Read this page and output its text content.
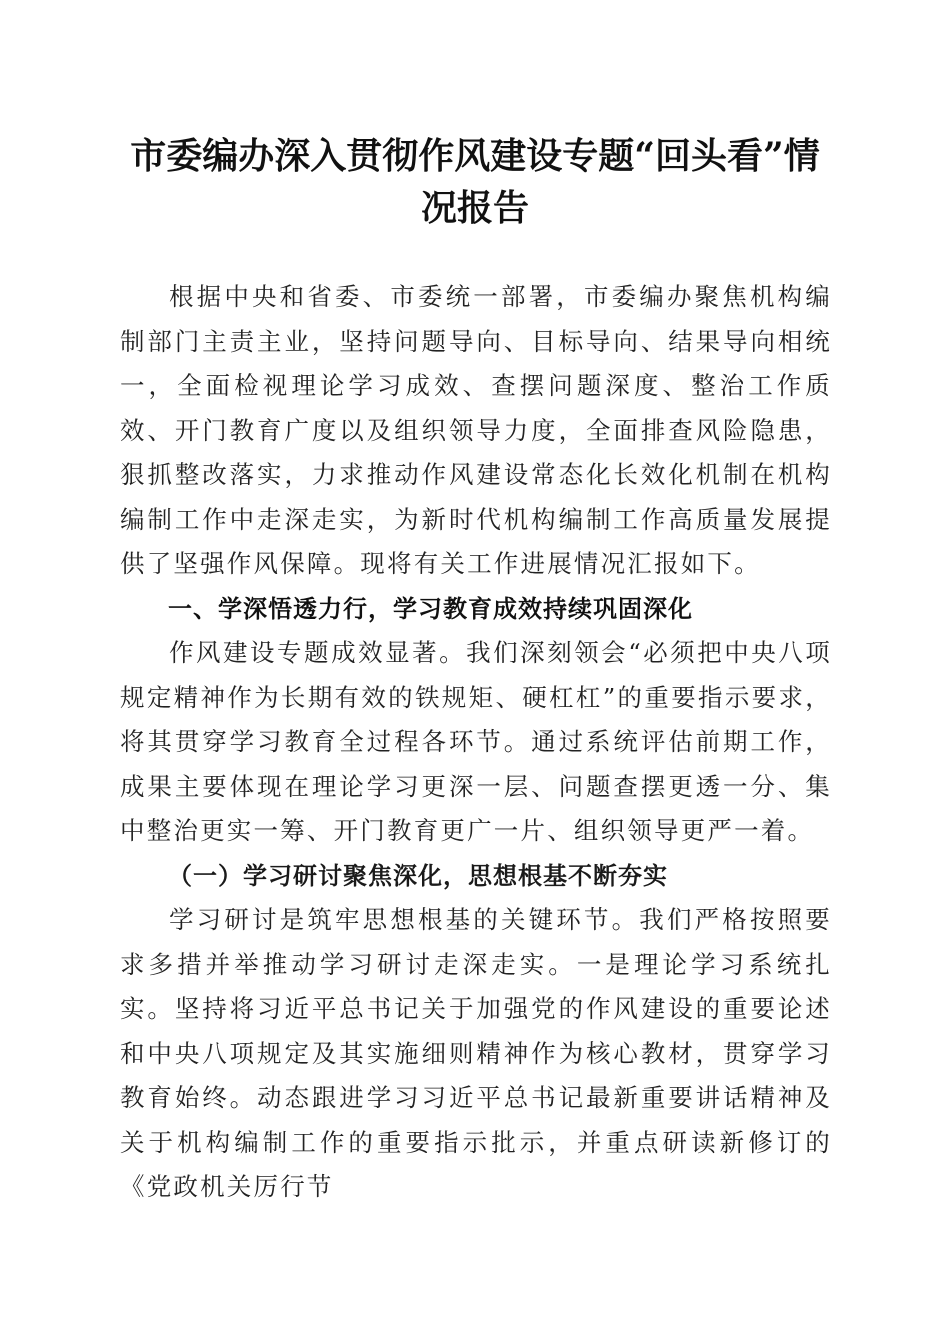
市委编办深入贯彻作风建设专题“回头看”情况报告

根据中央和省委、市委统一部署，市委编办聚焦机构编制部门主责主业，坚持问题导向、目标导向、结果导向相统一，全面检视理论学习成效、查摆问题深度、整治工作质效、开门教育广度以及组织领导力度，全面排查风险隐患，狠抓整改落实，力求推动作风建设常态化长效化机制在机构编制工作中走深走实，为新时代机构编制工作高质量发展提供了坚强作风保障。现将有关工作进展情况汇报如下。

一、学深悟透力行，学习教育成效持续巩固深化

作风建设专题成效显著。我们深刻领会“必须把中央八项规定精神作为长期有效的铁规矩、硬杠杠”的重要指示要求，将其贯穿学习教育全过程各环节。通过系统评估前期工作，成果主要体现在理论学习更深一层、问题查摆更透一分、集中整治更实一筹、开门教育更广一片、组织领导更严一着。

（一）学习研讨聚焦深化，思想根基不断夯实

学习研讨是筑牢思想根基的关键环节。我们严格按照要求多措并举推动学习研讨走深走实。一是理论学习系统扎实。坚持将习近平总书记关于加强党的作风建设的重要论述和中央八项规定及其实施细则精神作为核心教材，贯穿学习教育始终。动态跟进学习习近平总书记最新重要讲话精神及关于机构编制工作的重要指示批示，并重点研读新修订的《党政机关厉行节
